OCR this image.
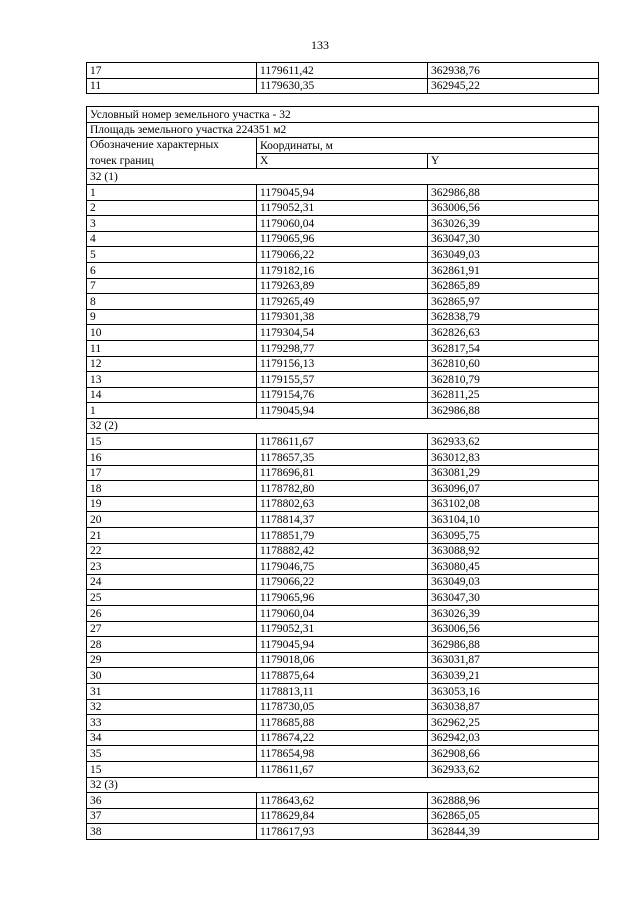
133
17	1179611,42	362938,76
11	1179630,35	362945,22
Условный номер земельного участка - 32		
Площадь земельного участка 224351 м2		
Обозначение характерных	Координаты, м	
точек границ	X	Y
32 (1)		
1	1179045,94	362986,88
2	1179052,31	363006,56
3	1179060,04	363026,39
4	1179065,96	363047,30
5	1179066,22	363049,03
6	1179182,16	362861,91
7	1179263,89	362865,89
8	1179265,49	362865,97
9	1179301,38	362838,79
10	1179304,54	362826,63
11	1179298,77	362817,54
12	1179156,13	362810,60
13	1179155,57	362810,79
14	1179154,76	362811,25
1	1179045,94	362986,88
32 (2)		
15	1178611,67	362933,62
16	1178657,35	363012,83
17	1178696,81	363081,29
18	1178782,80	363096,07
19	1178802,63	363102,08
20	1178814,37	363104,10
21	1178851,79	363095,75
22	1178882,42	363088,92
23	1179046,75	363080,45
24	1179066,22	363049,03
25	1179065,96	363047,30
26	1179060,04	363026,39
27	1179052,31	363006,56
28	1179045,94	362986,88
29	1179018,06	363031,87
30	1178875,64	363039,21
31	1178813,11	363053,16
32	1178730,05	363038,87
33	1178685,88	362962,25
34	1178674,22	362942,03
35	1178654,98	362908,66
15	1178611,67	362933,62
32 (3)		
36	1178643,62	362888,96
37	1178629,84	362865,05
38	1178617,93	362844,39
